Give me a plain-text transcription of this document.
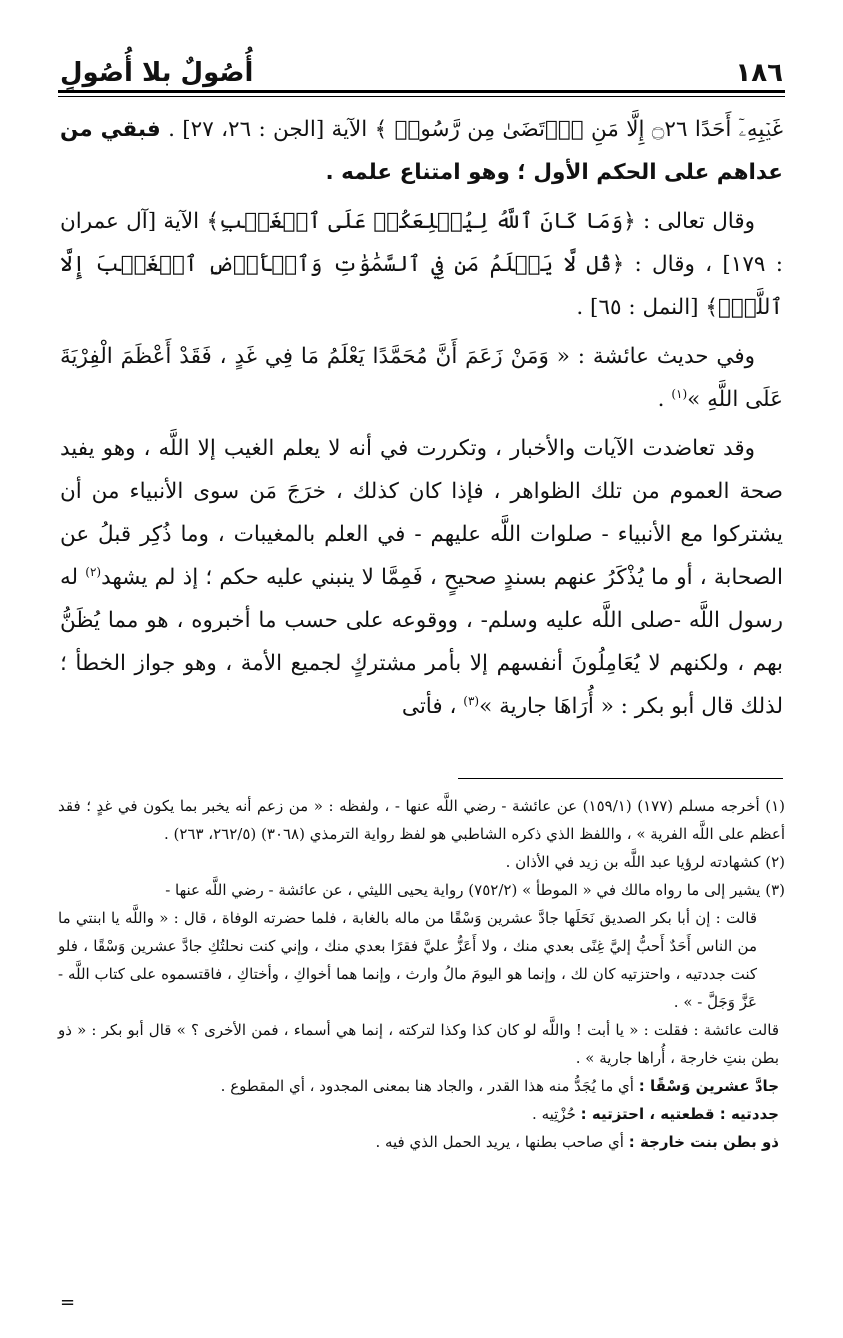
١٨٦
أُصُولٌ بلا أُصُولٍ

غَيۡبِهِۦٓ أَحَدًا ۝٢٦ إِلَّا مَنِ ٱرۡتَضَىٰ مِن رَّسُولٖ ﴾ الآية [الجن : ٢٦، ٢٧] . فبقي من عداهم على الحكم الأول ؛ وهو امتناع علمه .

وقال تعالى : ﴿وَمَا كَانَ ٱللَّهُ لِيُطۡلِعَكُمۡ عَلَى ٱلۡغَيۡبِ﴾ الآية [آل عمران : ١٧٩] ، وقال : ﴿قُل لَّا يَعۡلَمُ مَن فِي ٱلسَّمَٰوَٰتِ وَٱلۡأَرۡضِ ٱلۡغَيۡبَ إِلَّا ٱللَّهُۚ﴾ [النمل : ٦٥] .

وفي حديث عائشة : « وَمَنْ زَعَمَ أَنَّ مُحَمَّدًا يَعْلَمُ مَا فِي غَدٍ ، فَقَدْ أَعْظَمَ الْفِرْيَةَ عَلَى اللَّهِ »$^{(١)}$ .

وقد تعاضدت الآيات والأخبار ، وتكررت في أنه لا يعلم الغيب إلا اللَّه ، وهو يفيد صحة العموم من تلك الظواهر ، فإذا كان كذلك ، خرَجَ مَن سوى الأنبياء من أن يشتركوا مع الأنبياء - صلوات اللَّه عليهم - في العلم بالمغيبات ، وما ذُكِر قبلُ عن الصحابة ، أو ما يُذْكَرُ عنهم بسندٍ صحيحٍ ، فَمِمَّا لا ينبني عليه حكم ؛ إذ لم يشهد$^{(٢)}$ له رسول اللَّه -صلى اللَّه عليه وسلم- ، ووقوعه على حسب ما أخبروه ، هو مما يُظَنُّ بهم ، ولكنهم لا يُعَامِلُونَ أنفسهم إلا بأمر مشتركٍ لجميع الأمة ، وهو جواز الخطأ ؛ لذلك قال أبو بكر : « أُرَاهَا جارية »$^{(٣)}$ ، فأتى

(١) أخرجه مسلم (١٧٧) (١٥٩/١) عن عائشة - رضي اللَّه عنها - ، ولفظه : « من زعم أنه يخبر بما يكون في غدٍ ؛ فقد أعظم على اللَّه الفرية » ، واللفظ الذي ذكره الشاطبي هو لفظ رواية الترمذي (٣٠٦٨) (٢٦٢/٥، ٢٦٣) .

(٢) كشهادته لرؤيا عبد اللَّه بن زيد في الأذان .

(٣) يشير إلى ما رواه مالك في « الموطأ » (٧٥٢/٢) رواية يحيى الليثي ، عن عائشة - رضي اللَّه عنها -

قالت : إن أبا بكر الصديق نَحَلَها جادَّ عشرين وَسْقًا من ماله بالغابة ، فلما حضرته الوفاة ، قال : « واللَّه يا ابنتي ما من الناس أَحَدٌ أَحبُّ إليَّ غِنًى بعدي منك ، ولا أَعَزُّ عليَّ فقرًا بعدي منك ، وإني كنت نحلتُكِ جادَّ عشرين وَسْقًا ، فلو كنت جددتيه ، واحتزتيه كان لك ، وإنما هو اليومَ مالُ وارث ، وإنما هما أخواكِ ، وأختاكِ ، فاقتسموه على كتاب اللَّه - عَزَّ وَجَلَّ - » .

قالت عائشة : فقلت : « يا أبت ! واللَّه لو كان كذا وكذا لتركته ، إنما هي أسماء ، فمن الأخرى ؟ » قال أبو بكر : « ذو بطن بنتِ خارجة ، أُراها جارية » .

جادَّ عشرين وَسْقًا : أي ما يُجَدُّ منه هذا القدر ، والجاد هنا بمعنى المجدود ، أي المقطوع .

جددتيه : قطعتيه ، احتزتيه : حُزْتِيه .

ذو بطن بنت خارجة : أي صاحب بطنها ، يريد الحمل الذي فيه .

=
